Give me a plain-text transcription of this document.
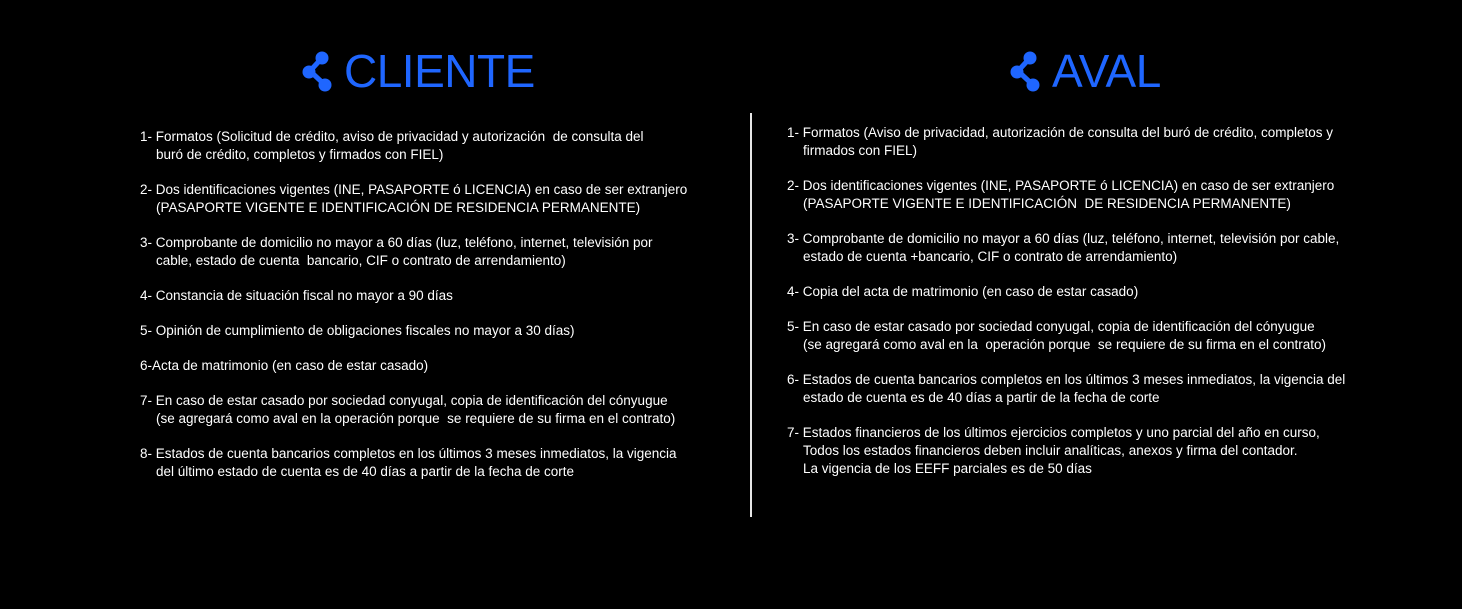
CLIENTE
1- Formatos (Solicitud de crédito, aviso de privacidad y autorización  de consulta del
buró de crédito, completos y firmados con FIEL)
2- Dos identificaciones vigentes (INE, PASAPORTE ó LICENCIA) en caso de ser extranjero
(PASAPORTE VIGENTE E IDENTIFICACIÓN DE RESIDENCIA PERMANENTE)
3- Comprobante de domicilio no mayor a 60 días (luz, teléfono, internet, televisión por
cable, estado de cuenta  bancario, CIF o contrato de arrendamiento)
4- Constancia de situación fiscal no mayor a 90 días
5- Opinión de cumplimiento de obligaciones fiscales no mayor a 30 días)
6-Acta de matrimonio (en caso de estar casado)
7- En caso de estar casado por sociedad conyugal, copia de identificación del cónyugue
(se agregará como aval en la operación porque  se requiere de su firma en el contrato)
8- Estados de cuenta bancarios completos en los últimos 3 meses inmediatos, la vigencia
del último estado de cuenta es de 40 días a partir de la fecha de corte
AVAL
1- Formatos (Aviso de privacidad, autorización de consulta del buró de crédito, completos y
firmados con FIEL)
2- Dos identificaciones vigentes (INE, PASAPORTE ó LICENCIA) en caso de ser extranjero
(PASAPORTE VIGENTE E IDENTIFICACIÓN  DE RESIDENCIA PERMANENTE)
3- Comprobante de domicilio no mayor a 60 días (luz, teléfono, internet, televisión por cable,
estado de cuenta +bancario, CIF o contrato de arrendamiento)
4- Copia del acta de matrimonio (en caso de estar casado)
5- En caso de estar casado por sociedad conyugal, copia de identificación del cónyugue
(se agregará como aval en la  operación porque  se requiere de su firma en el contrato)
6- Estados de cuenta bancarios completos en los últimos 3 meses inmediatos, la vigencia del
estado de cuenta es de 40 días a partir de la fecha de corte
7- Estados financieros de los últimos ejercicios completos y uno parcial del año en curso,
Todos los estados financieros deben incluir analíticas, anexos y firma del contador.
La vigencia de los EEFF parciales es de 50 días
